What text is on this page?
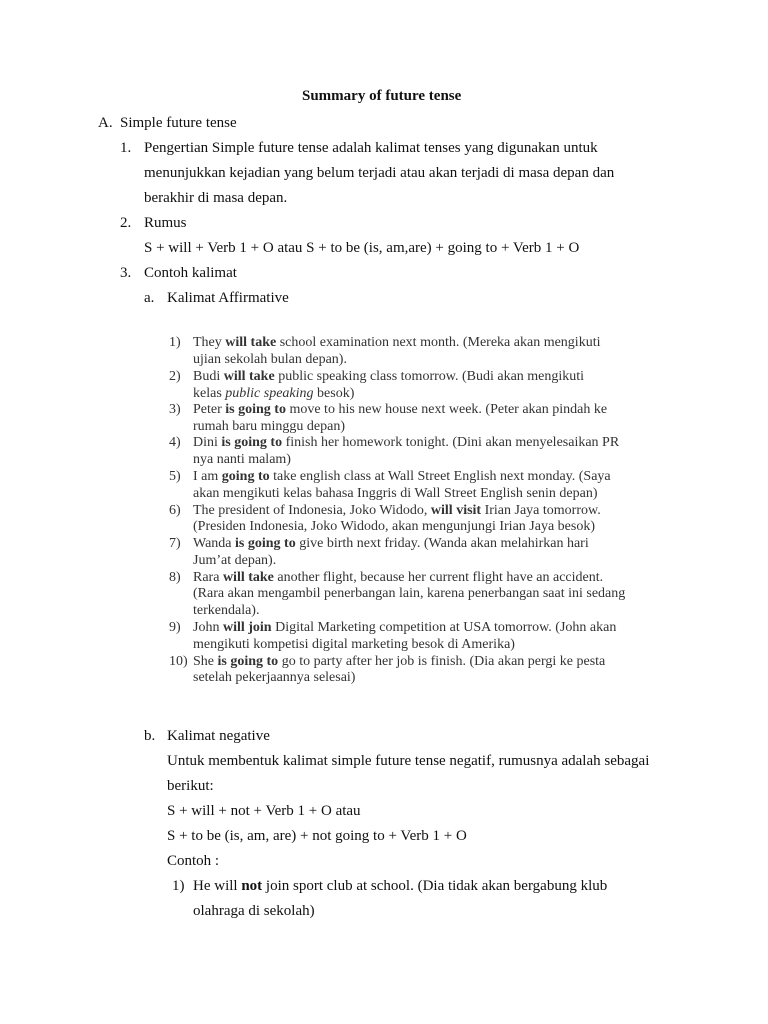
Summary of future tense
A. Simple future tense
1. Pengertian Simple future tense adalah kalimat tenses yang digunakan untuk
menunjukkan kejadian yang belum terjadi atau akan terjadi di masa depan dan
berakhir di masa depan.
2. Rumus
S + will + Verb 1 + O atau S + to be (is, am,are) + going to + Verb 1 + O
3. Contoh kalimat
a. Kalimat Affirmative
1) They will take school examination next month. (Mereka akan mengikuti
ujian sekolah bulan depan).
2) Budi will take public speaking class tomorrow. (Budi akan mengikuti
kelas public speaking besok)
3) Peter is going to move to his new house next week. (Peter akan pindah ke
rumah baru minggu depan)
4) Dini is going to finish her homework tonight. (Dini akan menyelesaikan PR
nya nanti malam)
5) I am going to take english class at Wall Street English next monday. (Saya
akan mengikuti kelas bahasa Inggris di Wall Street English senin depan)
6) The president of Indonesia, Joko Widodo, will visit Irian Jaya tomorrow.
(Presiden Indonesia, Joko Widodo, akan mengunjungi Irian Jaya besok)
7) Wanda is going to give birth next friday. (Wanda akan melahirkan hari
Jum’at depan).
8) Rara will take another flight, because her current flight have an accident.
(Rara akan mengambil penerbangan lain, karena penerbangan saat ini sedang
terkendala).
9) John will join Digital Marketing competition at USA tomorrow. (John akan
mengikuti kompetisi digital marketing besok di Amerika)
10) She is going to go to party after her job is finish. (Dia akan pergi ke pesta
setelah pekerjaannya selesai)
b. Kalimat negative
Untuk membentuk kalimat simple future tense negatif, rumusnya adalah sebagai
berikut:
S + will + not + Verb 1 + O atau
S + to be (is, am, are) + not going to + Verb 1 + O
Contoh :
1) He will not join sport club at school. (Dia tidak akan bergabung klub
olahraga di sekolah)
